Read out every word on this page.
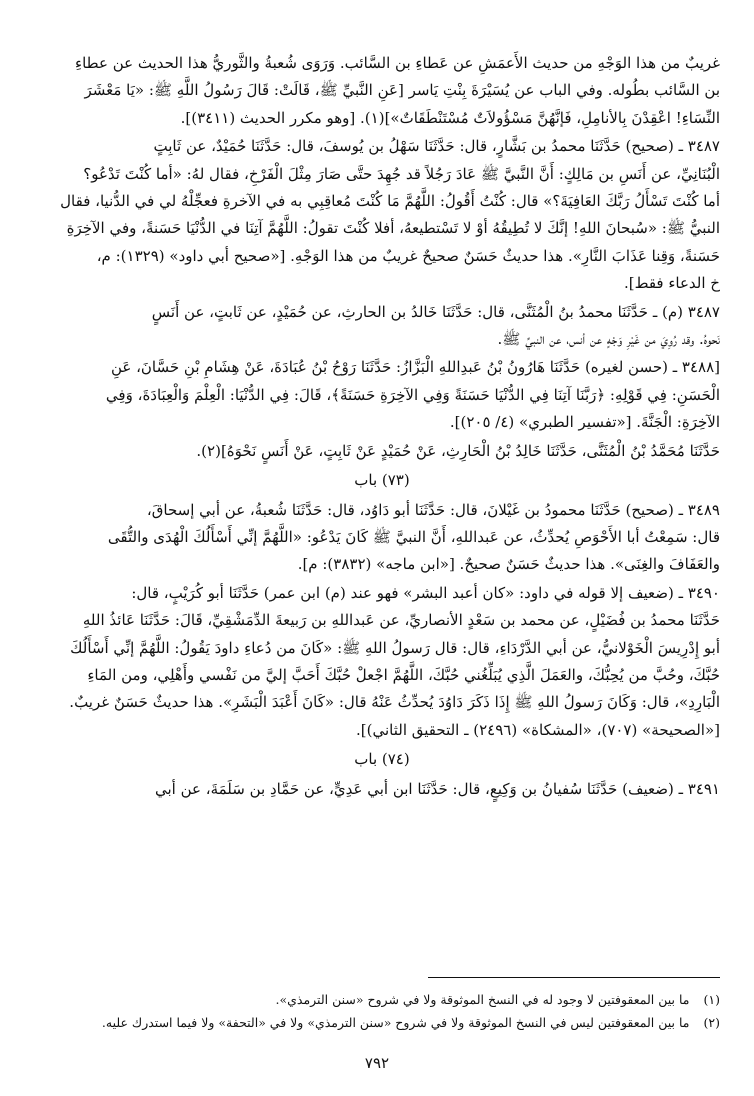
غريبٌ من هذا الوَجْهِ من حديث الأَعمَشِ عن عَطاءِ بن السَّائب. وَرَوَى شُعبةُ والثَّوريُّ هذا الحديث عن عطاءِ
بن السَّائب بطُوله. وفي الباب عن يُسَيْرَةَ بِنْتِ يَاسر [عَنِ النَّبيِّ ﷺ، قَالَتْ: قَالَ رَسُولُ اللَّهِ ﷺ: «يَا مَعْشَرَ
النِّسَاءِ! اعْقِدْنَ بِالأنامِلِ، فَإنَّهُنَّ مَسْؤُولاَتٌ مُسْتَنْطَقَاتٌ»](١). [وهو مكرر الحديث (٣٤١١)].
٣٤٨٧ ـ (صحيح) حَدَّثَنَا محمدُ بن بَشَّارٍ، قال: حَدَّثَنَا سَهْلُ بن يُوسفَ، قال: حَدَّثَنَا حُمَيْدٌ، عن ثَابِتٍ
الْبُنَانِيِّ، عن أَنَسِ بن مَالِكٍ: أَنَّ النَّبيَّ ﷺ عَادَ رَجُلاً قد جُهِدَ حتَّى صَارَ مِثْلَ الْفَرْخِ، فقال لهُ: «أما كُنْتَ تَدْعُو؟
أما كُنْتَ تَسْأَلُ رَبَّكَ العَافِيَةَ؟» قال: كُنْتُ أَقُولُ: اللَّهُمَّ مَا كُنْتَ مُعاقِبِي به في الآخرةِ فعجِّلْهُ لي في الدُّنيا، فقال
النبيُّ ﷺ: «سُبحانَ اللهِ! إنَّكَ لا تُطِيقُهُ أوْ لا تَسْتطيعهُ، أفلا كُنْتَ تقولُ: اللَّهُمَّ آتِنَا في الدُّنْيَا حَسَنةً، وفي الآخِرَةِ
حَسَنةً، وَقِنا عَذَابَ النَّارِ». هذا حديثٌ حَسَنٌ صحيحٌ غريبٌ من هذا الوَجْهِ. [«صحيح أبي داود» (١٣٢٩): م،
خ الدعاء فقط].
٣٤٨٧ (م) ـ حَدَّثَنَا محمدُ بنُ الْمُثَنَّى، قال: حَدَّثَنَا خَالدُ بن الحارثِ، عن حُمَيْدٍ، عن ثَابتٍ، عن أَنَسٍ
نَحوهُ. وقد رُوِيَ من غَيْرِ وَجْهٍ عن أنس، عن النبيِّ ﷺ.
[٣٤٨٨ ـ (حسن لغيره) حَدَّثَنَا هَارُونُ بْنُ عَبدِاللهِ الْبَزَّازُ: حَدَّثَنَا رَوْحُ بْنُ عُبَادَةَ، عَنْ هِشَامِ بْنِ حَسَّانَ، عَنِ
الْحَسَنِ: فِي قَوْلِهِ: ﴿رَبَّنَا آتِنَا فِي الدُّنْيَا حَسَنَةً وَفِي الآخِرَةِ حَسَنَةً﴾، قَالَ: فِي الدُّنْيَا: الْعِلْمَ وَالْعِبَادَةَ، وَفِي
الآخِرَةِ: الْجَنَّةَ. [«تفسير الطبري» (٤/ ٢٠٥)].
حَدَّثَنَا مُحَمَّدُ بْنُ الْمُثَنَّى، حَدَّثَنَا خَالِدُ بْنُ الْحَارِثِ، عَنْ حُمَيْدٍ عَنْ ثَابِتٍ، عَنْ أَنَسٍ نَحْوَهُ](٢).
(٧٣) باب
٣٤٨٩ ـ (صحيح) حَدَّثَنَا محمودُ بن غَيْلانَ، قال: حَدَّثَنَا أبو دَاوُد، قال: حَدَّثَنَا شُعبةُ، عن أبي إسحاقَ،
قال: سَمِعْتُ أبا الأَحْوَصِ يُحدِّثُ، عن عَبداللهِ، أَنَّ النبيَّ ﷺ كَانَ يَدْعُو: «اللَّهُمَّ إنِّي أَسْأَلُكَ الْهُدَى والتُّقَى
والعَفَافَ والغِنَى». هذا حديثٌ حَسَنٌ صحيحٌ. [«ابن ماجه» (٣٨٣٢): م].
٣٤٩٠ ـ (ضعيف إلا قوله في داود: «كان أعبد البشر» فهو عند (م) ابن عمر) حَدَّثَنَا أبو كُرَيْبٍ، قال:
حَدَّثَنَا محمدُ بن فُضَيْلٍ، عن محمد بن سَعْدٍ الأنصاريِّ، عن عَبداللهِ بن رَبيعةَ الدِّمَشْقِيِّ، قَالَ: حَدَّثَنَا عَائذُ اللهِ
أبو إِدْرِيسَ الْخَوْلانيُّ، عن أبي الدَّرْدَاءِ، قال: قال رَسولُ اللهِ ﷺ: «كَانَ من دُعاءِ داودَ يَقُولُ: اللَّهُمَّ إنِّي أَسْأَلُكَ
حُبَّكَ، وحُبَّ من يُحِبُّكَ، والعَمَلَ الَّذِي يُبَلِّغُني حُبَّكَ، اللَّهُمَّ اجْعلْ حُبَّكَ أَحَبَّ إليَّ من نَفْسي وأَهْلِي، ومن المَاءِ
الْبَارِدِ»، قال: وَكَانَ رَسولُ اللهِ ﷺ إِذَا ذَكَرَ دَاوُدَ يُحدِّثُ عَنْهُ قال: «كَانَ أَعْبَدَ الْبَشَرِ». هذا حديثٌ حَسَنٌ غريبٌ.
[«الصحيحة» (٧٠٧)، «المشكاة» (٢٤٩٦) ـ التحقيق الثاني)].
(٧٤) باب
٣٤٩١ ـ (ضعيف) حَدَّثَنَا سُفيانُ بن وَكِيعٍ، قال: حَدَّثَنَا ابن أبي عَدِيٍّ، عن حَمَّادِ بن سَلَمَةَ، عن أبي

(١)ما بين المعقوفتين لا وجود له في النسخ الموثوقة ولا في شروح «سنن الترمذي».

(٢)ما بين المعقوفتين ليس في النسخ الموثوقة ولا في شروح «سنن الترمذي» ولا في «التحفة» ولا فيما استدرك عليه.

٧٩٢
